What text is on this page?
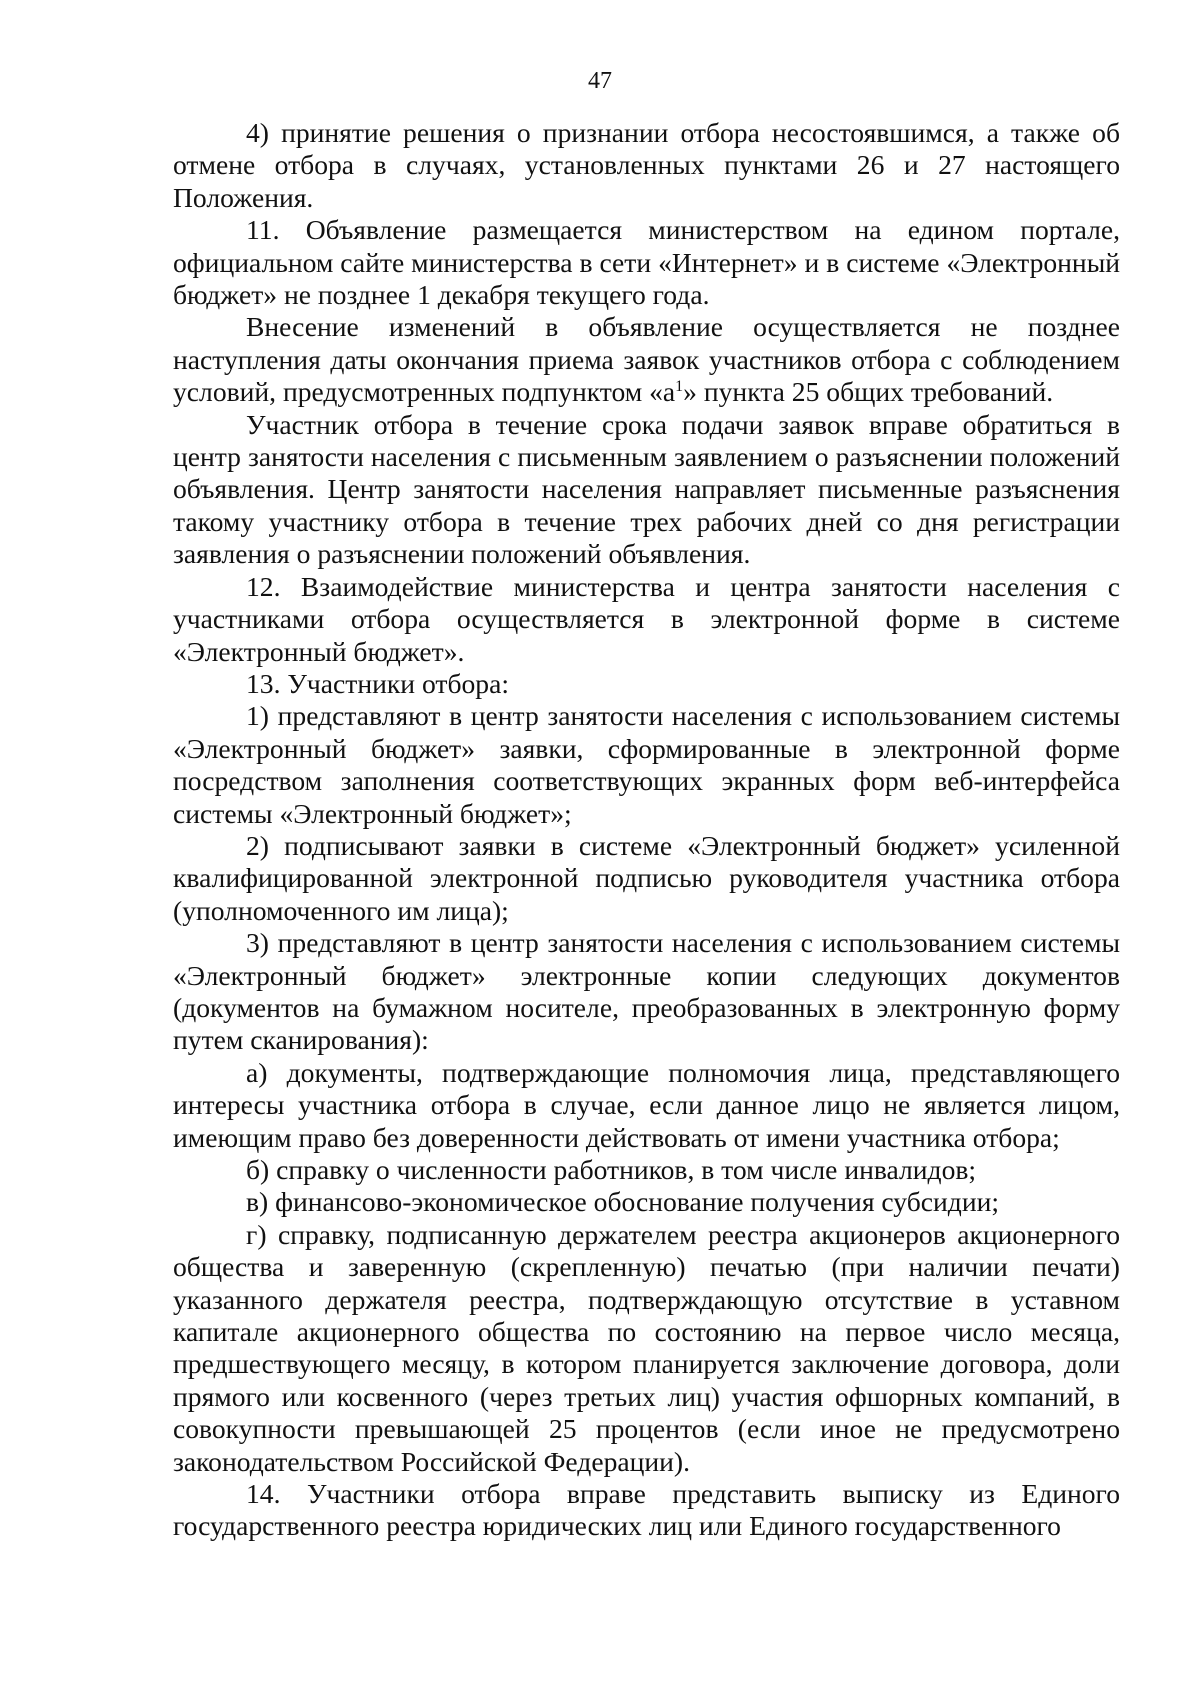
47

4) принятие решения о признании отбора несостоявшимся, а также об отмене отбора в случаях, установленных пунктами 26 и 27 настоящего Положения.

11. Объявление размещается министерством на едином портале, официальном сайте министерства в сети «Интернет» и в системе «Электронный бюджет» не позднее 1 декабря текущего года.

Внесение изменений в объявление осуществляется не позднее наступления даты окончания приема заявок участников отбора с соблюдением условий, предусмотренных подпунктом «$а^1$» пункта 25 общих требований.

Участник отбора в течение срока подачи заявок вправе обратиться в центр занятости населения с письменным заявлением о разъяснении положений объявления. Центр занятости населения направляет письменные разъяснения такому участнику отбора в течение трех рабочих дней со дня регистрации заявления о разъяснении положений объявления.

12. Взаимодействие министерства и центра занятости населения с участниками отбора осуществляется в электронной форме в системе «Электронный бюджет».

13. Участники отбора:

1) представляют в центр занятости населения с использованием системы «Электронный бюджет» заявки, сформированные в электронной форме посредством заполнения соответствующих экранных форм веб-интерфейса системы «Электронный бюджет»;

2) подписывают заявки в системе «Электронный бюджет» усиленной квалифицированной электронной подписью руководителя участника отбора (уполномоченного им лица);

3) представляют в центр занятости населения с использованием системы «Электронный бюджет» электронные копии следующих документов (документов на бумажном носителе, преобразованных в электронную форму путем сканирования):

а) документы, подтверждающие полномочия лица, представляющего интересы участника отбора в случае, если данное лицо не является лицом, имеющим право без доверенности действовать от имени участника отбора;

б) справку о численности работников, в том числе инвалидов;

в) финансово-экономическое обоснование получения субсидии;

г) справку, подписанную держателем реестра акционеров акционерного общества и заверенную (скрепленную) печатью (при наличии печати) указанного держателя реестра, подтверждающую отсутствие в уставном капитале акционерного общества по состоянию на первое число месяца, предшествующего месяцу, в котором планируется заключение договора, доли прямого или косвенного (через третьих лиц) участия офшорных компаний, в совокупности превышающей 25 процентов (если иное не предусмотрено законодательством Российской Федерации).

14. Участники отбора вправе представить выписку из Единого государственного реестра юридических лиц или Единого государственного
